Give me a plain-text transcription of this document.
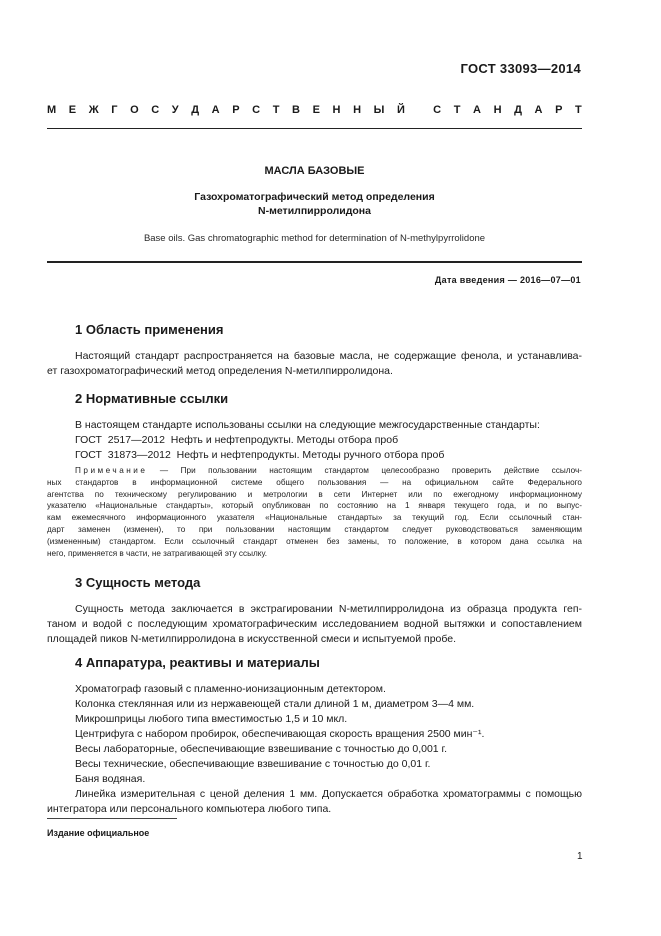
ГОСТ 33093—2014
М Е Ж Г О С У Д А Р С Т В Е Н Н Ы Й
	С Т А Н Д А Р Т
МАСЛА БАЗОВЫЕ
Газохроматографический метод определения
N-метилпирролидона
Base oils. Gas chromatographic method for determination of N-methylpyrrolidone
Дата введения — 2016—07—01
1 Область применения
Настоящий стандарт распространяется на базовые масла, не содержащие фенола, и устанавлива-
ет газохроматографический метод определения N-метилпирролидона.
2 Нормативные ссылки
В настоящем стандарте использованы ссылки на следующие межгосударственные стандарты:
ГОСТ  2517—2012  Нефть и нефтепродукты. Методы отбора проб
ГОСТ  31873—2012  Нефть и нефтепродукты. Методы ручного отбора проб
Примечание — При пользовании настоящим стандартом целесообразно проверить действие ссылоч-
ных стандартов в информационной системе общего пользования — на официальном сайте Федерального
агентства по техническому регулированию и метрологии в сети Интернет или по ежегодному информационному
указателю «Национальные стандарты», который опубликован по состоянию на 1 января текущего года, и по выпус-
кам ежемесячного информационного указателя «Национальные стандарты» за текущий год. Если ссылочный стан-
дарт заменен (изменен), то при пользовании настоящим стандартом следует руководствоваться заменяющим
(измененным) стандартом. Если ссылочный стандарт отменен без замены, то положение, в котором дана ссылка на
него, применяется в части, не затрагивающей эту ссылку.
3 Сущность метода
Сущность метода заключается в экстрагировании N-метилпирролидона из образца продукта геп-
таном и водой с последующим хроматографическим исследованием водной вытяжки и сопоставлением
площадей пиков N-метилпирролидона в искусственной смеси и испытуемой пробе.
4 Аппаратура, реактивы и материалы
Хроматограф газовый с пламенно-ионизационным детектором.
Колонка стеклянная или из нержавеющей стали длиной 1 м, диаметром 3—4 мм.
Микрошприцы любого типа вместимостью 1,5 и 10 мкл.
Центрифуга с набором пробирок, обеспечивающая скорость вращения 2500 мин⁻¹.
Весы лабораторные, обеспечивающие взвешивание с точностью до 0,001 г.
Весы технические, обеспечивающие взвешивание с точностью до 0,01 г.
Баня водяная.
Линейка измерительная с ценой деления 1 мм. Допускается обработка хроматограммы с помощью
интегратора или персонального компьютера любого типа.
Издание официальное
1
